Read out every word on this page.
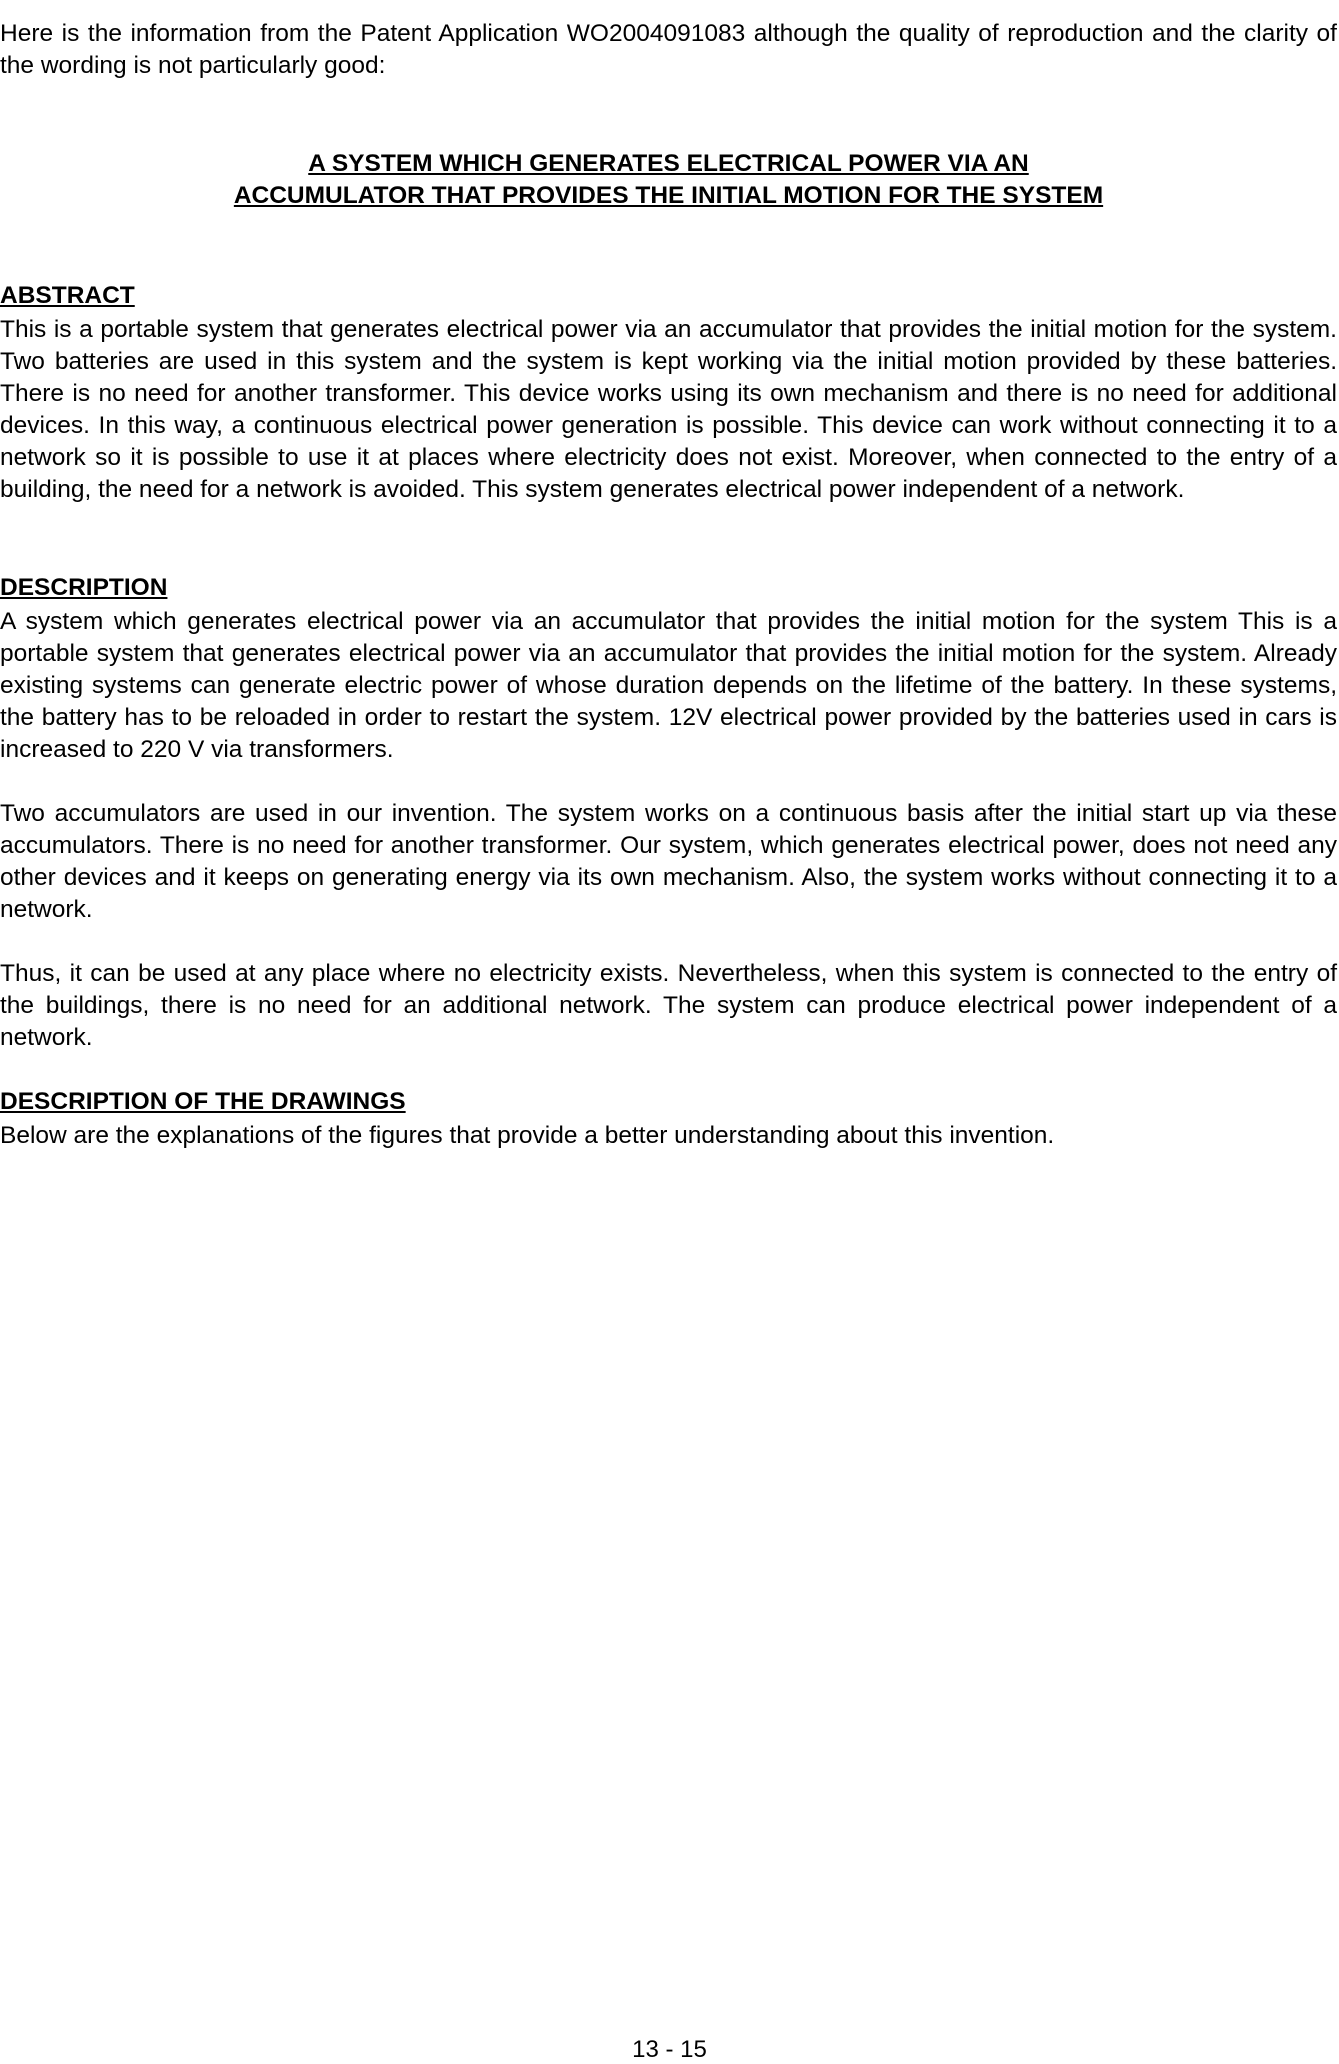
Here is the information from the Patent Application WO2004091083 although the quality of reproduction and the clarity of the wording is not particularly good:

A SYSTEM WHICH GENERATES ELECTRICAL POWER VIA AN
ACCUMULATOR THAT PROVIDES THE INITIAL MOTION FOR THE SYSTEM
ABSTRACT

This is a portable system that generates electrical power via an accumulator that provides the initial motion for the system. Two batteries are used in this system and the system is kept working via the initial motion provided by these batteries. There is no need for another transformer. This device works using its own mechanism and there is no need for additional devices. In this way, a continuous electrical power generation is possible. This device can work without connecting it to a network so it is possible to use it at places where electricity does not exist. Moreover, when connected to the entry of a building, the need for a network is avoided. This system generates electrical power independent of a network.

DESCRIPTION

A system which generates electrical power via an accumulator that provides the initial motion for the system This is a portable system that generates electrical power via an accumulator that provides the initial motion for the system. Already existing systems can generate electric power of whose duration depends on the lifetime of the battery. In these systems, the battery has to be reloaded in order to restart the system. 12V electrical power provided by the batteries used in cars is increased to 220 V via transformers.

Two accumulators are used in our invention. The system works on a continuous basis after the initial start up via these accumulators. There is no need for another transformer. Our system, which generates electrical power, does not need any other devices and it keeps on generating energy via its own mechanism. Also, the system works without connecting it to a network.

Thus, it can be used at any place where no electricity exists. Nevertheless, when this system is connected to the entry of the buildings, there is no need for an additional network. The system can produce electrical power independent of a network.

DESCRIPTION OF THE DRAWINGS

Below are the explanations of the figures that provide a better understanding about this invention.

13 - 15
